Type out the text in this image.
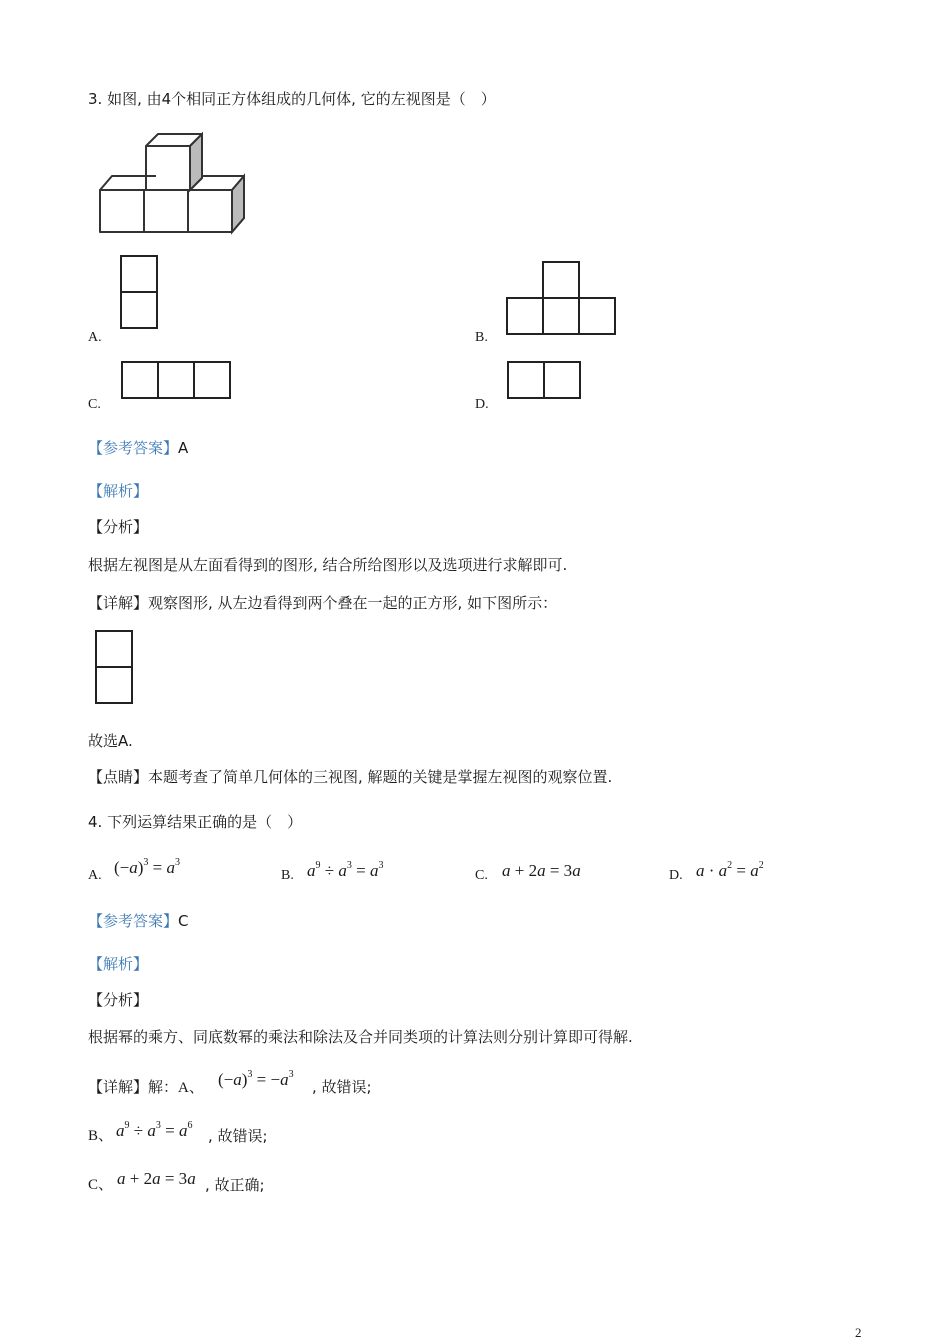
3. 如图, 由4个相同正方体组成的几何体, 它的左视图是（　）
A.	B.
C.	D.
【参考答案】A
【解析】
【分析】
根据左视图是从左面看得到的图形, 结合所给图形以及选项进行求解即可.
【详解】观察图形, 从左边看得到两个叠在一起的正方形, 如下图所示：
故选A.
【点睛】本题考查了简单几何体的三视图, 解题的关键是掌握左视图的观察位置.
4. 下列运算结果正确的是（　）
A. $(-a)^3 = a^3$
B. $a^9 \div a^3 = a^3$
C. a + 2a = 3a	D. $a \cdot a^2 = a^2$
【参考答案】C
【解析】
【分析】
根据幂的乘方、同底数幂的乘法和除法及合并同类项的计算法则分别计算即可得解.
【详解】解：A、 $(-a)^3 = -a^3$
, 故错误;
B、 $a^9 \div a^3 = a^6$
, 故错误;
C、 a + 2a = 3a , 故正确;
2
